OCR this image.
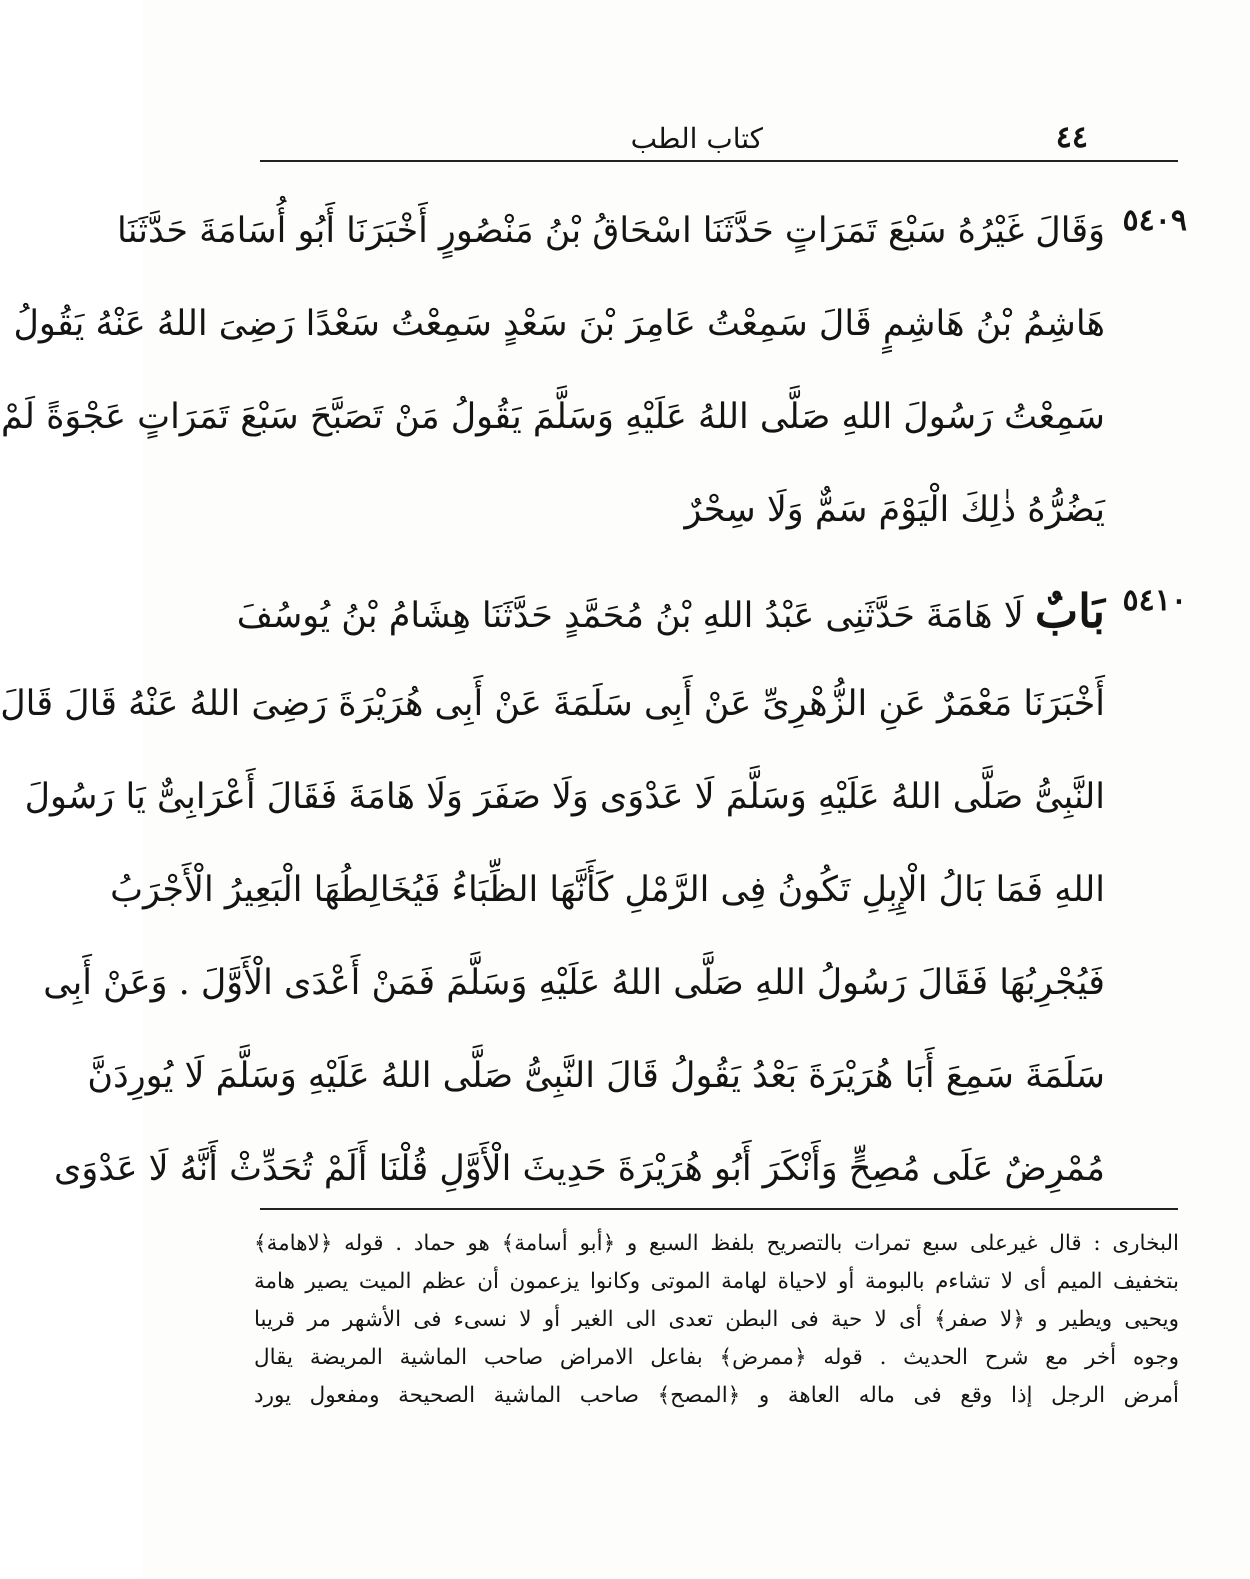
٤٤
كتاب الطب
٥٤٠٩
وَقَالَ غَيْرُهُ سَبْعَ تَمَرَاتٍ حَدَّثَنَا اسْحَاقُ بْنُ مَنْصُورٍ أَخْبَرَنَا أَبُو أُسَامَةَ حَدَّثَنَا
هَاشِمُ بْنُ هَاشِمٍ قَالَ سَمِعْتُ عَامِرَ بْنَ سَعْدٍ سَمِعْتُ سَعْدًا رَضِىَ اللهُ عَنْهُ يَقُولُ
سَمِعْتُ رَسُولَ اللهِ صَلَّى اللهُ عَلَيْهِ وَسَلَّمَ يَقُولُ مَنْ تَصَبَّحَ سَبْعَ تَمَرَاتٍ عَجْوَةً لَمْ
يَضُرُّهُ ذٰلِكَ الْيَوْمَ سَمٌّ وَلَا سِحْرٌ
٥٤١٠
بَابٌ لَا هَامَةَ حَدَّثَنِى عَبْدُ اللهِ بْنُ مُحَمَّدٍ حَدَّثَنَا هِشَامُ بْنُ يُوسُفَ
أَخْبَرَنَا مَعْمَرٌ عَنِ الزُّهْرِىِّ عَنْ أَبِى سَلَمَةَ عَنْ أَبِى هُرَيْرَةَ رَضِىَ اللهُ عَنْهُ قَالَ قَالَ
النَّبِىُّ صَلَّى اللهُ عَلَيْهِ وَسَلَّمَ لَا عَدْوَى وَلَا صَفَرَ وَلَا هَامَةَ فَقَالَ أَعْرَابِىٌّ يَا رَسُولَ
اللهِ فَمَا بَالُ الْإِبِلِ تَكُونُ فِى الرَّمْلِ كَأَنَّهَا الظِّبَاءُ فَيُخَالِطُهَا الْبَعِيرُ الْأَجْرَبُ
فَيُجْرِبُهَا فَقَالَ رَسُولُ اللهِ صَلَّى اللهُ عَلَيْهِ وَسَلَّمَ فَمَنْ أَعْدَى الْأَوَّلَ . وَعَنْ أَبِى
سَلَمَةَ سَمِعَ أَبَا هُرَيْرَةَ بَعْدُ يَقُولُ قَالَ النَّبِىُّ صَلَّى اللهُ عَلَيْهِ وَسَلَّمَ لَا يُورِدَنَّ
مُمْرِضٌ عَلَى مُصِحٍّ وَأَنْكَرَ أَبُو هُرَيْرَةَ حَدِيثَ الْأَوَّلِ قُلْنَا أَلَمْ تُحَدِّثْ أَنَّهُ لَا عَدْوَى
البخارى : قال غيرعلى سبع تمرات بالتصريح بلفظ السبع و ﴿أبو أسامة﴾ هو حماد . قوله ﴿لاهامة﴾
بتخفيف الميم أى لا تشاءم بالبومة أو لاحياة لهامة الموتى وكانوا يزعمون أن عظم الميت يصير هامة
ويحيى ويطير و ﴿لا صفر﴾ أى لا حية فى البطن تعدى الى الغير أو لا نسىء فى الأشهر مر قريبا
وجوه أخر مع شرح الحديث . قوله ﴿ممرض﴾ بفاعل الامراض صاحب الماشية المريضة يقال
أمرض الرجل إذا وقع فى ماله العاهة و ﴿المصح﴾ صاحب الماشية الصحيحة ومفعول يورد
